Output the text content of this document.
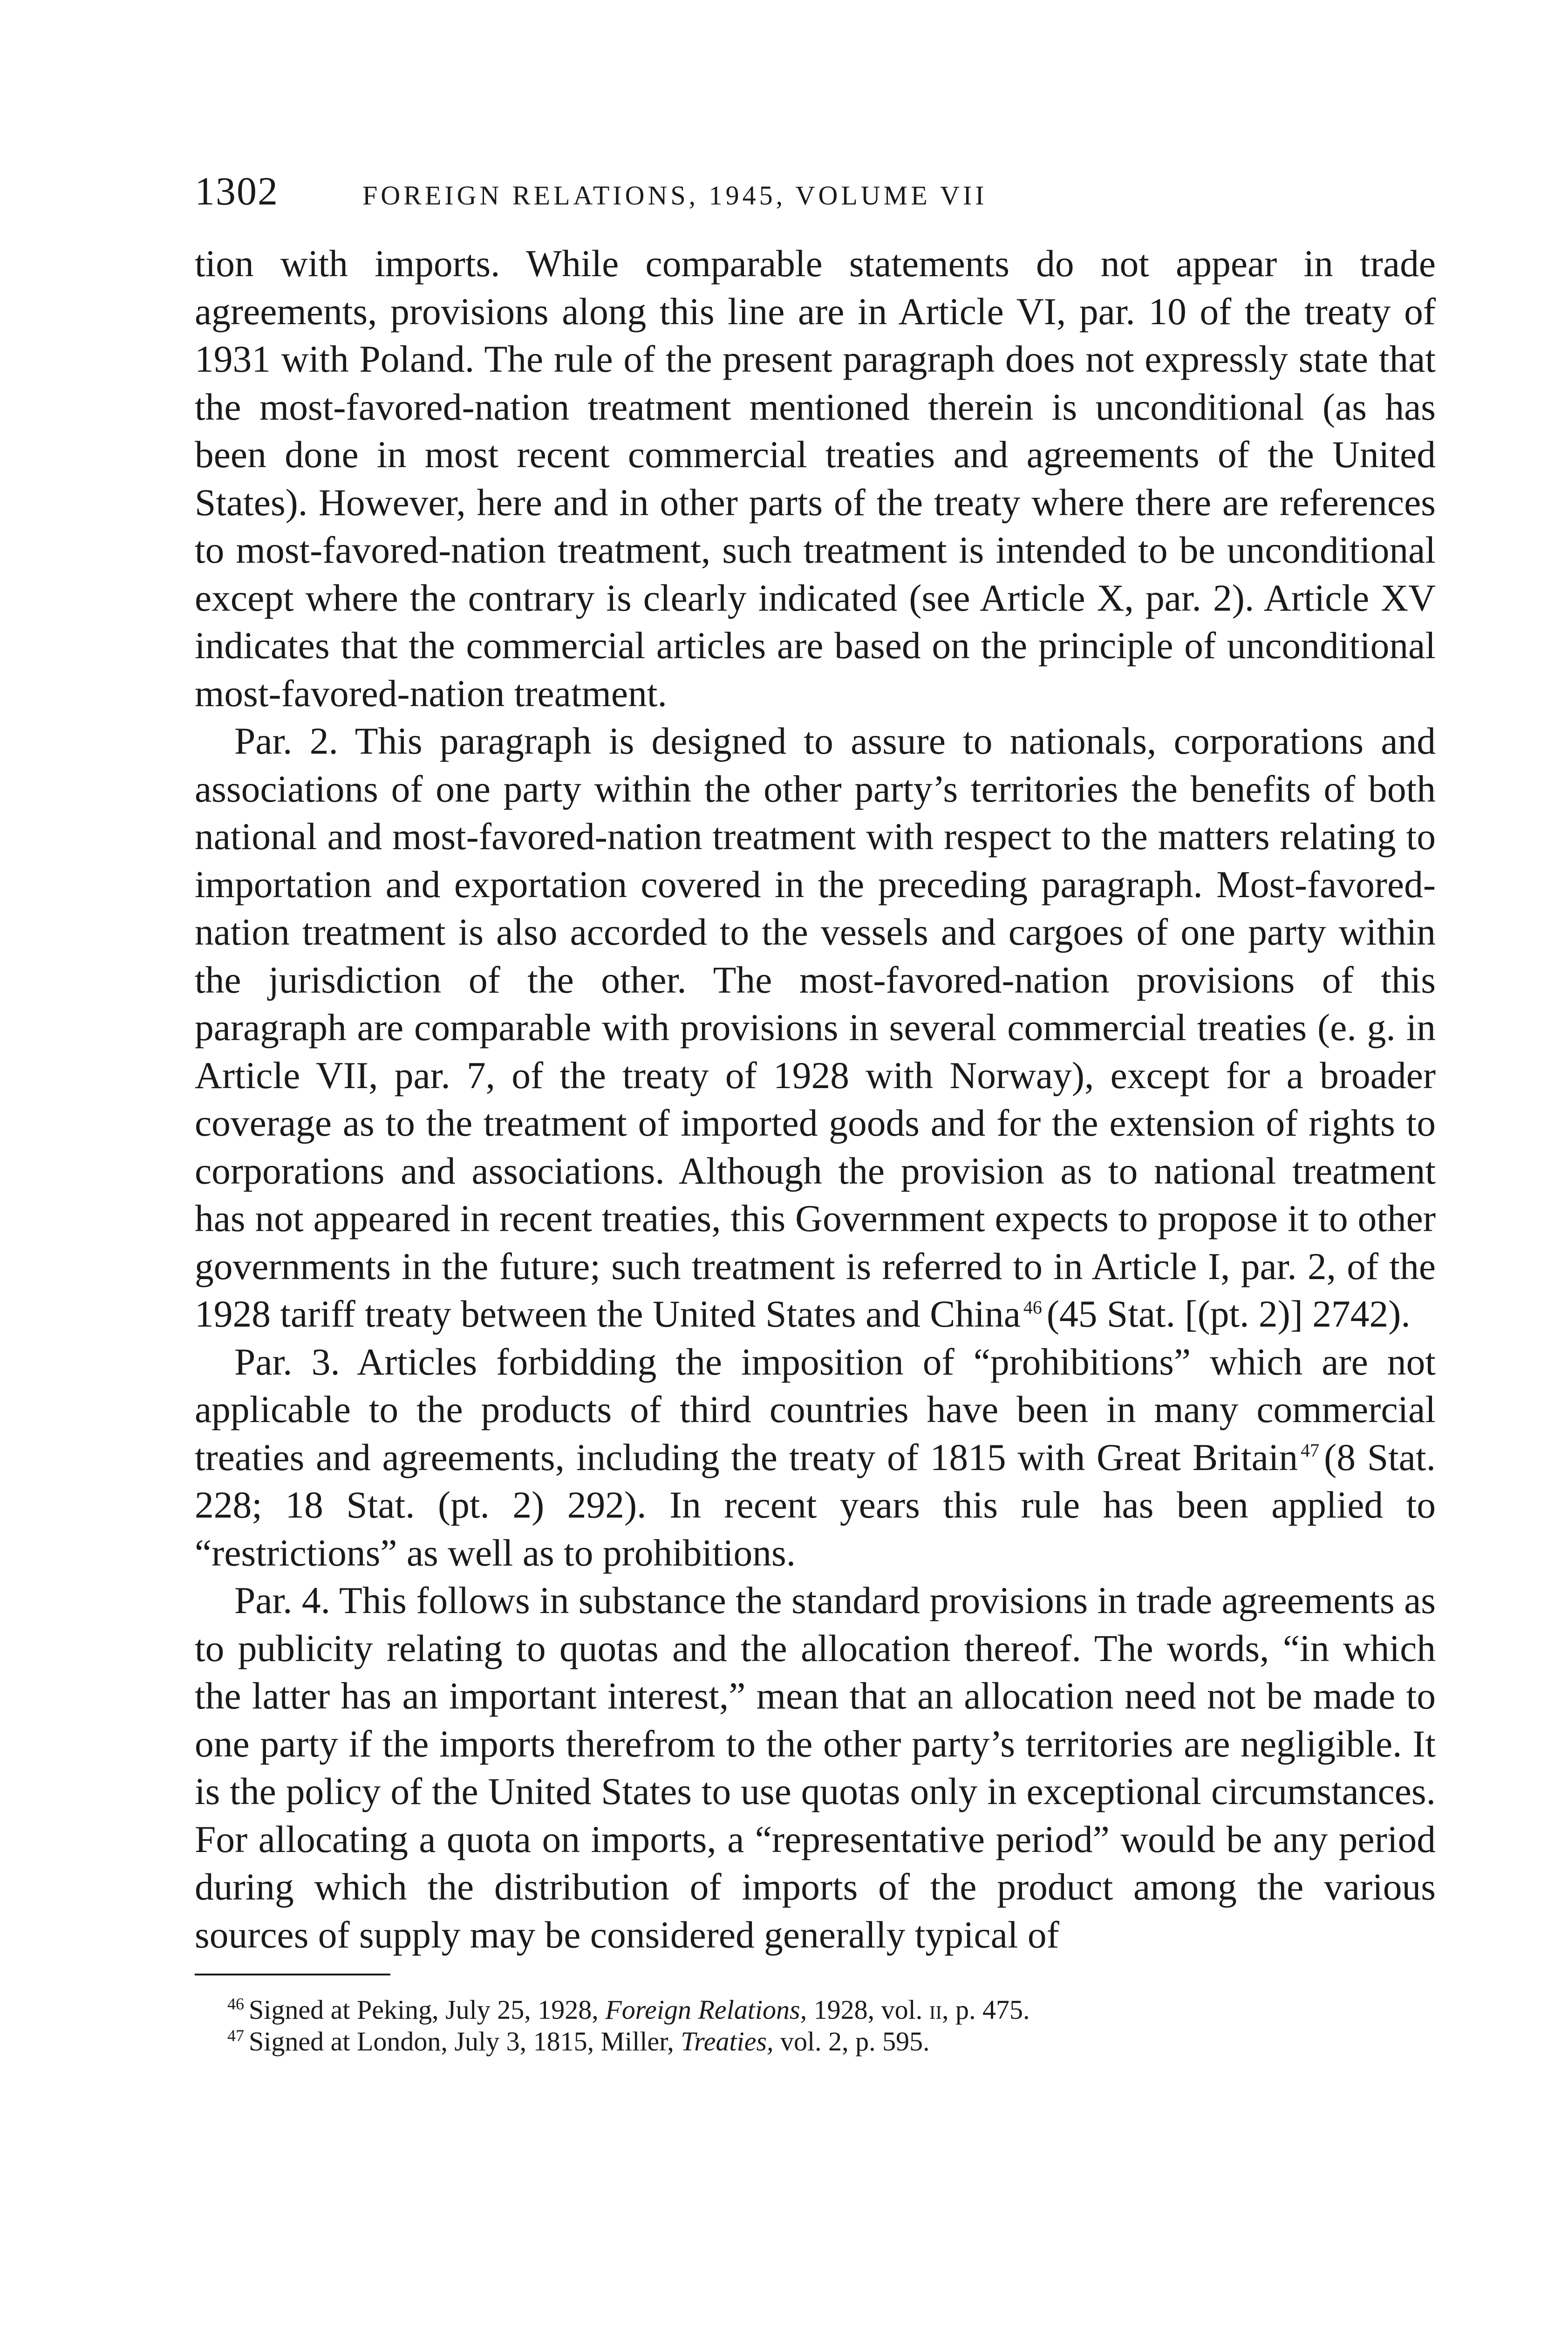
1302	FOREIGN RELATIONS, 1945, VOLUME VII

tion with imports. While comparable statements do not appear in trade agreements, provisions along this line are in Article VI, par. 10 of the treaty of 1931 with Poland. The rule of the present paragraph does not expressly state that the most-favored-nation treatment mentioned therein is unconditional (as has been done in most recent commercial treaties and agreements of the United States). However, here and in other parts of the treaty where there are references to most-favored-nation treatment, such treatment is intended to be unconditional except where the contrary is clearly indicated (see Article X, par. 2). Article XV indicates that the commercial articles are based on the principle of unconditional most-favored-nation treatment.

Par. 2. This paragraph is designed to assure to nationals, corporations and associations of one party within the other party’s territories the benefits of both national and most-favored-nation treatment with respect to the matters relating to importation and exportation covered in the preceding paragraph. Most-favored-nation treatment is also accorded to the vessels and cargoes of one party within the jurisdiction of the other. The most-favored-nation provisions of this paragraph are comparable with provisions in several commercial treaties (e. g. in Article VII, par. 7, of the treaty of 1928 with Norway), except for a broader coverage as to the treatment of imported goods and for the extension of rights to corporations and associations. Although the provision as to national treatment has not appeared in recent treaties, this Government expects to propose it to other governments in the future; such treatment is referred to in Article I, par. 2, of the 1928 tariff treaty between the United States and China $^{46}$ (45 Stat. [(pt. 2)] 2742).

Par. 3. Articles forbidding the imposition of “prohibitions” which are not applicable to the products of third countries have been in many commercial treaties and agreements, including the treaty of 1815 with Great Britain $^{47}$ (8 Stat. 228; 18 Stat. (pt. 2) 292). In recent years this rule has been applied to “restrictions” as well as to prohibitions.

Par. 4. This follows in substance the standard provisions in trade agreements as to publicity relating to quotas and the allocation thereof. The words, “in which the latter has an important interest,” mean that an allocation need not be made to one party if the imports therefrom to the other party’s territories are negligible. It is the policy of the United States to use quotas only in exceptional circumstances. For allocating a quota on imports, a “representative period” would be any period during which the distribution of imports of the product among the various sources of supply may be considered generally typical of

$^{46}$ Signed at Peking, July 25, 1928, Foreign Relations, 1928, vol. ii, p. 475.

$^{47}$ Signed at London, July 3, 1815, Miller, Treaties, vol. 2, p. 595.
